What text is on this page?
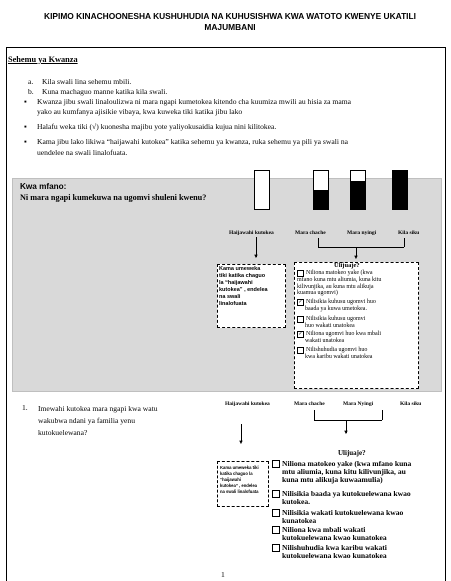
KIPIMO KINACHOONESHA KUSHUHUDIA NA KUHUSISHWA KWA WATOTO KWENYE UKATILI MAJUMBANI
Sehemu ya Kwanza
a. Kila swali lina sehemu mbili.
b. Kuna machaguo manne katika kila swali.
▪ Kwanza jibu swali linaloulizwa ni mara ngapi kumetokea kitendo cha kuumiza mwili au hisia za mama
yako au kumfanya ajisikie vibaya, kwa kuweka tiki katika jibu lako
▪ Halafu weka tiki (√) kuonesha majibu yote yaliyokusaidia kujua nini kilitokea.
▪ Kama jibu lako likiwa “haijawahi kutokea” katika sehemu ya kwanza, ruka sehemu ya pili ya swali na
uendelee na swali linalofuata.
Kwa mfano:
Ni mara ngapi kumekuwa na ugomvi shuleni kwenu?
Haijawahi kutokea	Mara chache	Mara nyingi	Kila siku
▼	▼
Kama umeweka
tiki katika chaguo
la “haijawahi
kutokea” , endelea
na swali
linalofuata
Ulijuaje?
Niliona matokeo yake (kwa
mfano kuna mtu aliumia, kuna kitu
kilivunjika, au kuna mtu alikuja
kuamua ugomvi)
✓ Nilisikia kuhusu ugomvi huo
baada ya kuwa umetokea.
Nilisikia kuhusu ugomvi
huo wakati unatokea
✓ Niliona ugomvi huo kwa mbali
wakati unatokea
Nilishuhudia ugomvi huo
kwa karibu wakati unatokea
1. Imewahi kutokea mara ngapi kwa watu
wakubwa ndani ya familia yenu
kutokuelewana?
Haijawahi kutokea	Mara chache	Mara Nyingi	Kila siku
▼
▼
Kama umeweka tiki
katika chaguo la
“haijawahi
kutokea” , endelea
na swali linalofuata
Ulijuaje?
Niliona matokeo yake (kwa mfano kuna
mtu aliumia, kuna kitu kilivunjika, au
kuna mtu alikuja kuwaamulia)
Nilisikia baada ya kutokuelewana kwao
kutokea.
Nilisikia wakati kutokuelewana kwao
kunatokea
Niliona kwa mbali wakati
kutokuelewana kwao kunatokea
Nilishuhudia kwa karibu wakati
kutokuelewana kwao kunatokea
1
